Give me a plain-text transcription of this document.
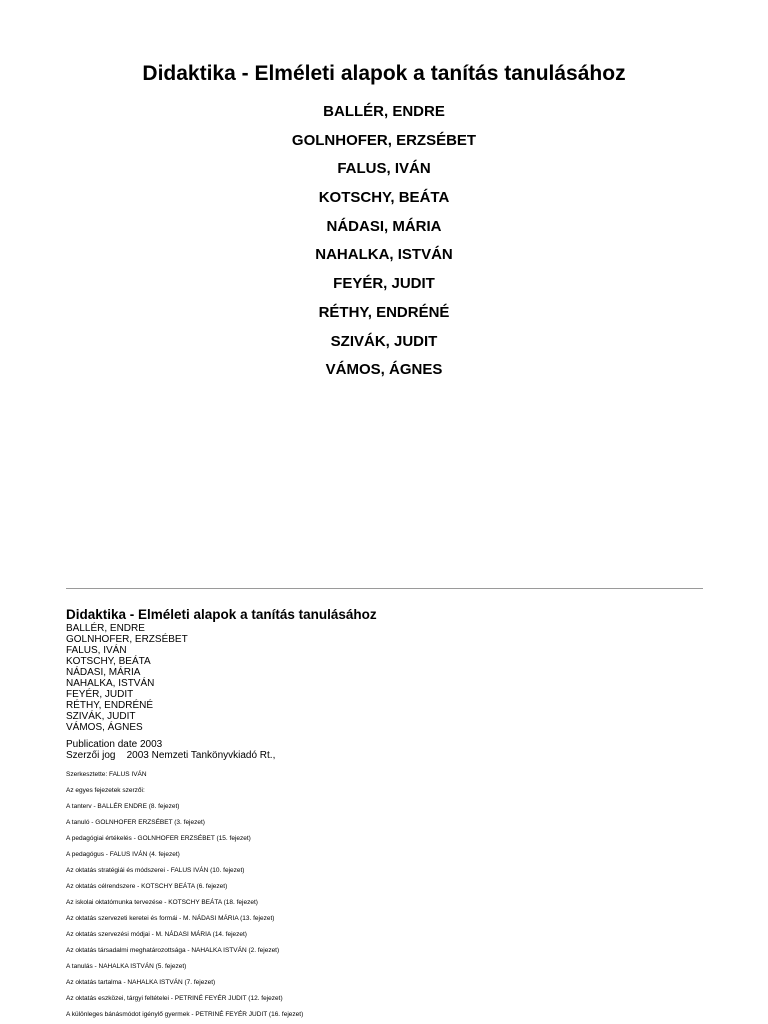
Didaktika - Elméleti alapok a tanítás tanulásához
BALLÉR, ENDRE
GOLNHOFER, ERZSÉBET
FALUS, IVÁN
KOTSCHY, BEÁTA
NÁDASI, MÁRIA
NAHALKA, ISTVÁN
FEYÉR, JUDIT
RÉTHY, ENDRÉNÉ
SZIVÁK, JUDIT
VÁMOS, ÁGNES
Didaktika - Elméleti alapok a tanítás tanulásához
BALLÉR, ENDRE
GOLNHOFER, ERZSÉBET
FALUS, IVÁN
KOTSCHY, BEÁTA
NÁDASI, MÁRIA
NAHALKA, ISTVÁN
FEYÉR, JUDIT
RÉTHY, ENDRÉNÉ
SZIVÁK, JUDIT
VÁMOS, ÁGNES
Publication date 2003
Szerzői jog    2003 Nemzeti Tankönyvkiadó Rt.,
Szerkesztette: FALUS IVÁN
Az egyes fejezetek szerzői:
A tanterv - BALLÉR ENDRE (8. fejezet)
A tanuló - GOLNHOFER ERZSÉBET (3. fejezet)
A pedagógiai értékelés - GOLNHOFER ERZSÉBET (15. fejezet)
A pedagógus - FALUS IVÁN (4. fejezet)
Az oktatás stratégiái és módszerei - FALUS IVÁN (10. fejezet)
Az oktatás célrendszere - KOTSCHY BEÁTA (6. fejezet)
Az iskolai oktatómunka tervezése - KOTSCHY BEÁTA (18. fejezet)
Az oktatás szervezeti keretei és formái - M. NÁDASI MÁRIA (13. fejezet)
Az oktatás szervezési módjai - M. NÁDASI MÁRIA (14. fejezet)
Az oktatás társadalmi meghatározottsága - NAHALKA ISTVÁN (2. fejezet)
A tanulás - NAHALKA ISTVÁN (5. fejezet)
Az oktatás tartalma - NAHALKA ISTVÁN (7. fejezet)
Az oktatás eszközei, tárgyi feltételei - PETRINÉ FEYÉR JUDIT (12. fejezet)
A különleges bánásmódot igénylő gyermek - PETRINÉ FEYÉR JUDIT (16. fejezet)
